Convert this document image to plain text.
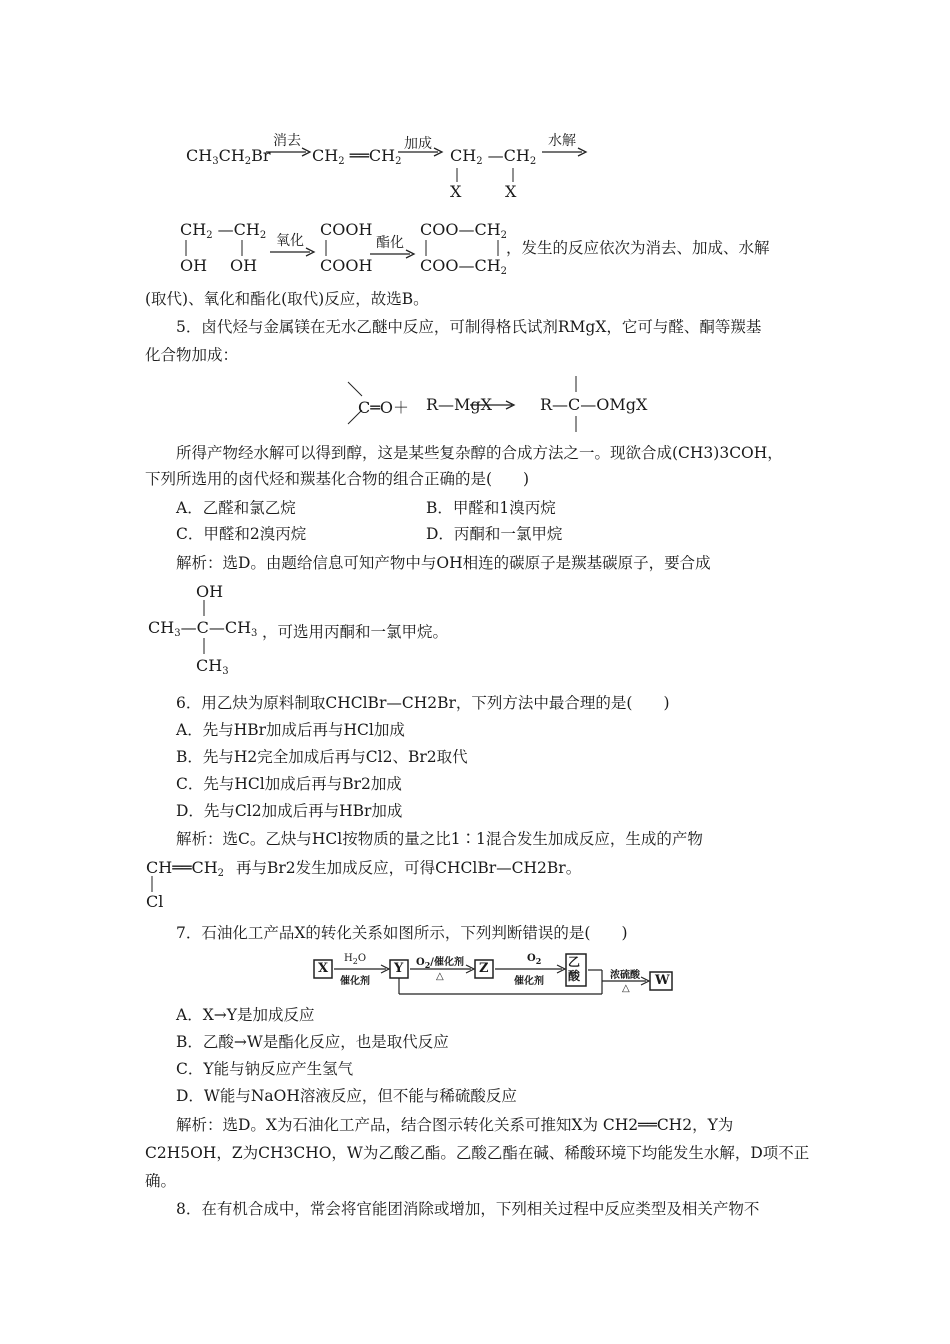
$CH_3CH_2Br$
消去
→ $CH_2$ $══CH_2$
加成
→ $CH_2$ $—CH_2$
X	X
水解
$CH_2$ $—CH_2$
OH OH
氧化
COOH
COOH
酯化
$COO—CH_2$
$COO—CH_2$
，发生的反应依次为消去、加成、水解
(取代)、氧化和酯化(取代)反应，故选B。
5．卤代烃与金属镁在无水乙醚中反应，可制得格氏试剂RMgX，它可与醛、酮等羰基
化合物加成：
C═O＋ R—MgX	R—C—OMgX
所得产物经水解可以得到醇，这是某些复杂醇的合成方法之一。现欲合成(CH3)3COH，
下列所选用的卤代烃和羰基化合物的组合正确的是(　　)
A．乙醛和氯乙烷	B．甲醛和1溴丙烷
C．甲醛和2溴丙烷	D．丙酮和一氯甲烷
解析：选D。由题给信息可知产物中与OH相连的碳原子是羰基碳原子，要合成
OH
$CH_3—C—CH_3$
$CH_3$
，可选用丙酮和一氯甲烷。
6．用乙炔为原料制取CHClBr—CH2Br，下列方法中最合理的是(　　)
A．先与HBr加成后再与HCl加成
B．先与H2完全加成后再与Cl2、Br2取代
C．先与HCl加成后再与Br2加成
D．先与Cl2加成后再与HBr加成
解析：选C。乙炔与HCl按物质的量之比1∶1混合发生加成反应，生成的产物
$CH══CH_2$
Cl
再与Br2发生加成反应，可得CHClBr—CH2Br。
7．石油化工产品X的转化关系如图所示，下列判断错误的是(　　)
X	Y	Z	乙
酸	W
$H_2O$
催化剂
$O_2/$催化剂
△
$O_2$
催化剂
浓硫酸
△
A．X→Y是加成反应
B．乙酸→W是酯化反应，也是取代反应
C．Y能与钠反应产生氢气
D．W能与NaOH溶液反应，但不能与稀硫酸反应
解析：选D。X为石油化工产品，结合图示转化关系可推知X为 CH2══CH2，Y为
C2H5OH，Z为CH3CHO，W为乙酸乙酯。乙酸乙酯在碱、稀酸环境下均能发生水解，D项不正
确。
8．在有机合成中，常会将官能团消除或增加，下列相关过程中反应类型及相关产物不
